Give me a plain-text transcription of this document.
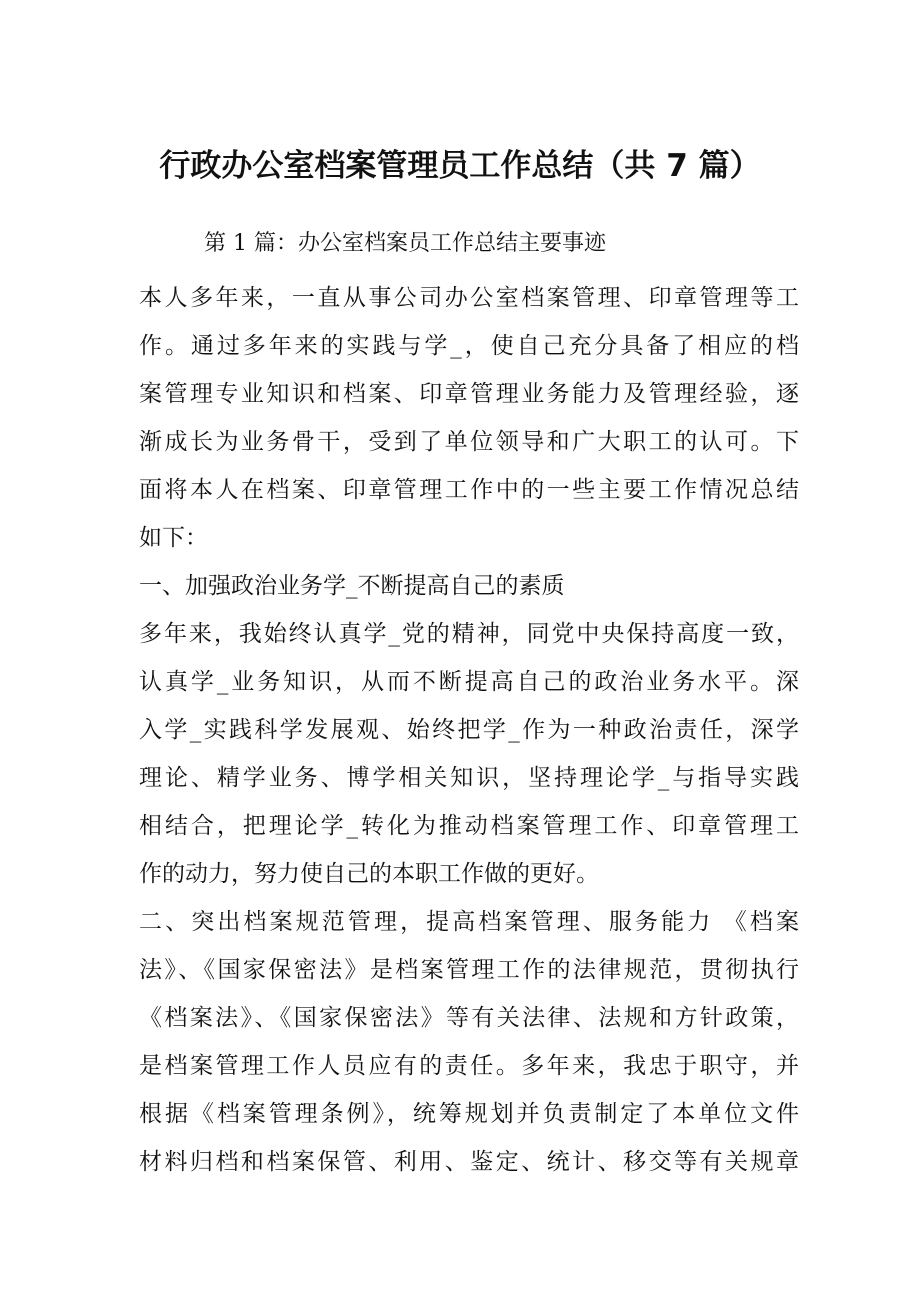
行政办公室档案管理员工作总结（共 7 篇）
第 1 篇：办公室档案员工作总结主要事迹
本人多年来，一直从事公司办公室档案管理、印章管理等工
作。通过多年来的实践与学_，使自己充分具备了相应的档
案管理专业知识和档案、印章管理业务能力及管理经验，逐
渐成长为业务骨干，受到了单位领导和广大职工的认可。下
面将本人在档案、印章管理工作中的一些主要工作情况总结
如下：
一、加强政治业务学_不断提高自己的素质
多年来，我始终认真学_党的精神，同党中央保持高度一致，
认真学_业务知识，从而不断提高自己的政治业务水平。深
入学_实践科学发展观、始终把学_作为一种政治责任，深学
理论、精学业务、博学相关知识，坚持理论学_与指导实践
相结合，把理论学_转化为推动档案管理工作、印章管理工
作的动力，努力使自己的本职工作做的更好。
二、突出档案规范管理，提高档案管理、服务能力 《档案
法》、《国家保密法》是档案管理工作的法律规范，贯彻执行
《档案法》、《国家保密法》等有关法律、法规和方针政策，
是档案管理工作人员应有的责任。多年来，我忠于职守，并
根据《档案管理条例》，统筹规划并负责制定了本单位文件
材料归档和档案保管、利用、鉴定、统计、移交等有关规章
